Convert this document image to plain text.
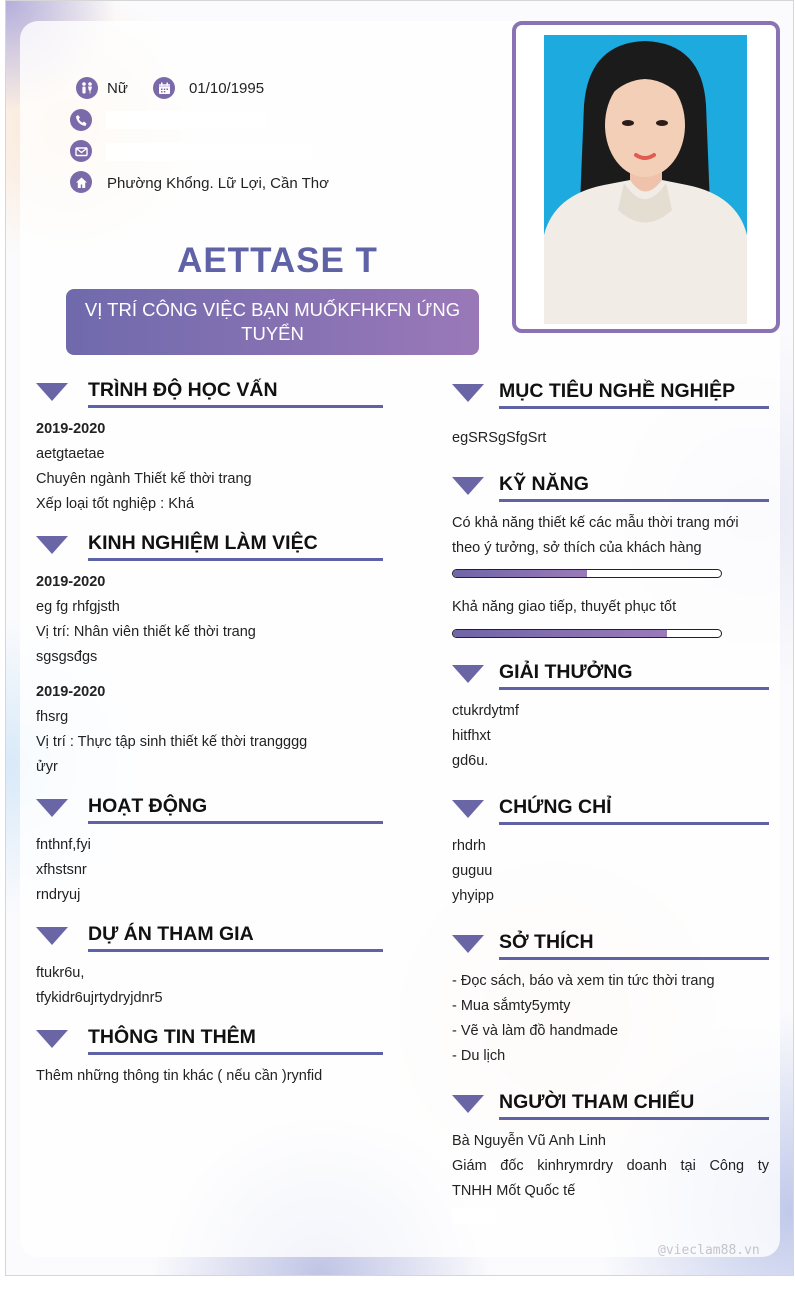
Nữ	01/10/1995
Phường Khổng. Lữ Lợi, Cần Thơ
AETTASE T
VỊ TRÍ CÔNG VIỆC BẠN MUỐKFHKFN ỨNG TUYỂN
TRÌNH ĐỘ HỌC VẤN
2019-2020
aetgtaetae
Chuyên ngành Thiết kế thời trang
Xếp loại tốt nghiệp : Khá
KINH NGHIỆM LÀM VIỆC
2019-2020
eg fg rhfgjsth
Vị trí: Nhân viên thiết kế thời trang
sgsgsđgs
2019-2020
fhsrg
Vị trí : Thực tập sinh thiết kế thời trangggg
ửyr
HOẠT ĐỘNG
fnthnf,fyi
xfhstsnr
rndryuj
DỰ ÁN THAM GIA
ftukr6u,
tfykidr6ujrtydryjdnr5
THÔNG TIN THÊM
Thêm những thông tin khác ( nếu cần )rynfid
MỤC TIÊU NGHỀ NGHIỆP
egSRSgSfgSrt
KỸ NĂNG
Có khả năng thiết kế các mẫu thời trang mới
theo ý tưởng, sở thích của khách hàng
Khả năng giao tiếp, thuyết phục tốt
GIẢI THƯỞNG
ctukrdytmf
hitfhxt
gd6u.
CHỨNG CHỈ
rhdrh
guguu
yhyipp
SỞ THÍCH
- Đọc sách, báo và xem tin tức thời trang
- Mua sắmty5ymty
- Vẽ và làm đồ handmade
- Du lịch
NGƯỜI THAM CHIẾU
Bà Nguyễn Vũ Anh Linh
Giám đốc kinhrymrdry doanh tại Công ty
TNHH Mốt Quốc tế
@vieclam88.vn
